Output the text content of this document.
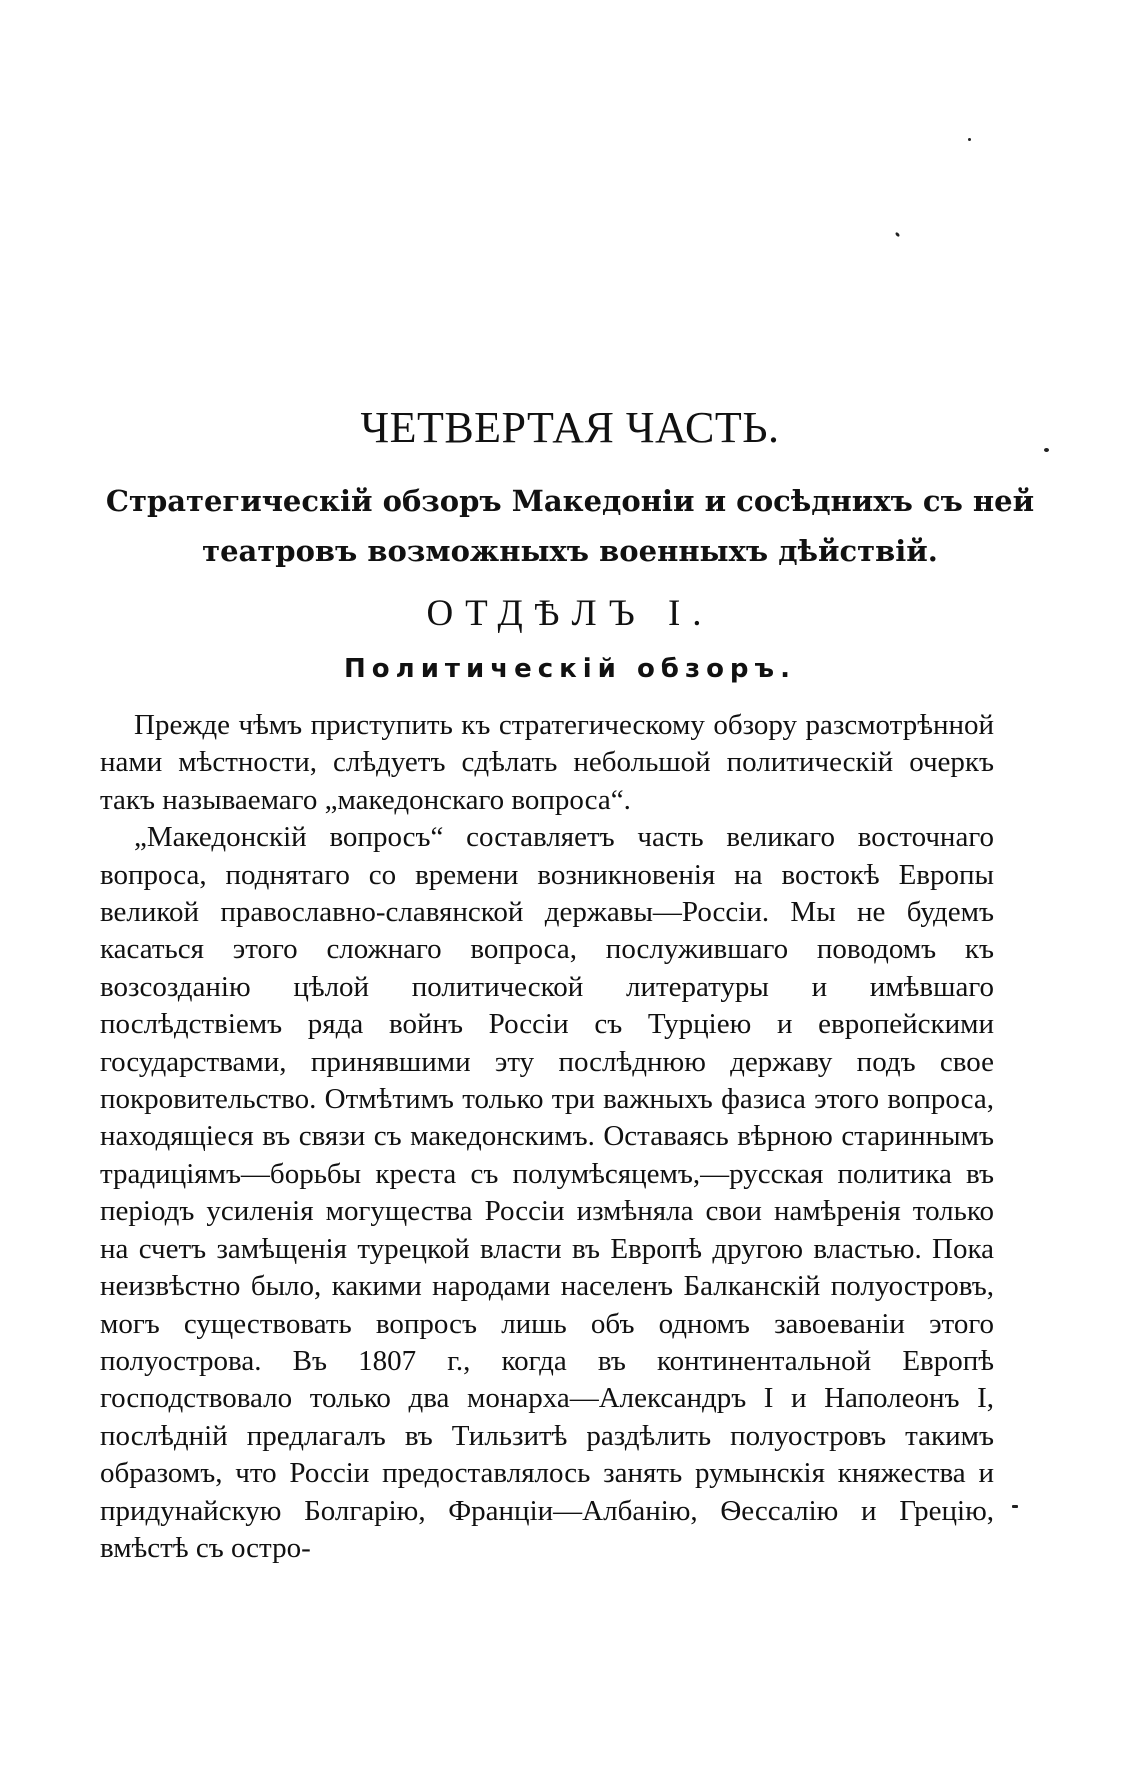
ЧЕТВЕРТАЯ ЧАСТЬ.
Стратегическій обзоръ Македоніи и сосѣднихъ съ ней театровъ возможныхъ военныхъ дѣйствій.
ОТДѢЛЪ I.
Политическій обзоръ.

Прежде чѣмъ приступить къ стратегическому обзору разсмотрѣнной нами мѣстности, слѣдуетъ сдѣлать небольшой политическій очеркъ такъ называемаго „македонскаго вопроса“.

„Македонскій вопросъ“ составляетъ часть великаго восточнаго вопроса, поднятаго со времени возникновенія на востокѣ Европы великой православно-славянской державы—Россіи. Мы не будемъ касаться этого сложнаго вопроса, послужившаго поводомъ къ возсозданію цѣлой политической литературы и имѣвшаго послѣдствіемъ ряда войнъ Россіи съ Турціею и европейскими государствами, принявшими эту послѣднюю державу подъ свое покровительство. Отмѣтимъ только три важныхъ фазиса этого вопроса, находящіеся въ связи съ македонскимъ. Оставаясь вѣрною стариннымъ традиціямъ—борьбы креста съ полумѣсяцемъ,—русская политика въ періодъ усиленія могущества Россіи измѣняла свои намѣренія только на счетъ замѣщенія турецкой власти въ Европѣ другою властью. Пока неизвѣстно было, какими народами населенъ Балканскій полуостровъ, могъ существовать вопросъ лишь объ одномъ завоеваніи этого полуострова. Въ 1807 г., когда въ континентальной Европѣ господствовало только два монарха—Александръ I и Наполеонъ I, послѣдній предлагалъ въ Тильзитѣ раздѣлить полуостровъ такимъ образомъ, что Россіи предоставлялось занять румынскія княжества и придунайскую Болгарію, Франціи—Албанію, Ѳессалію и Грецію, вмѣстѣ съ остро-
